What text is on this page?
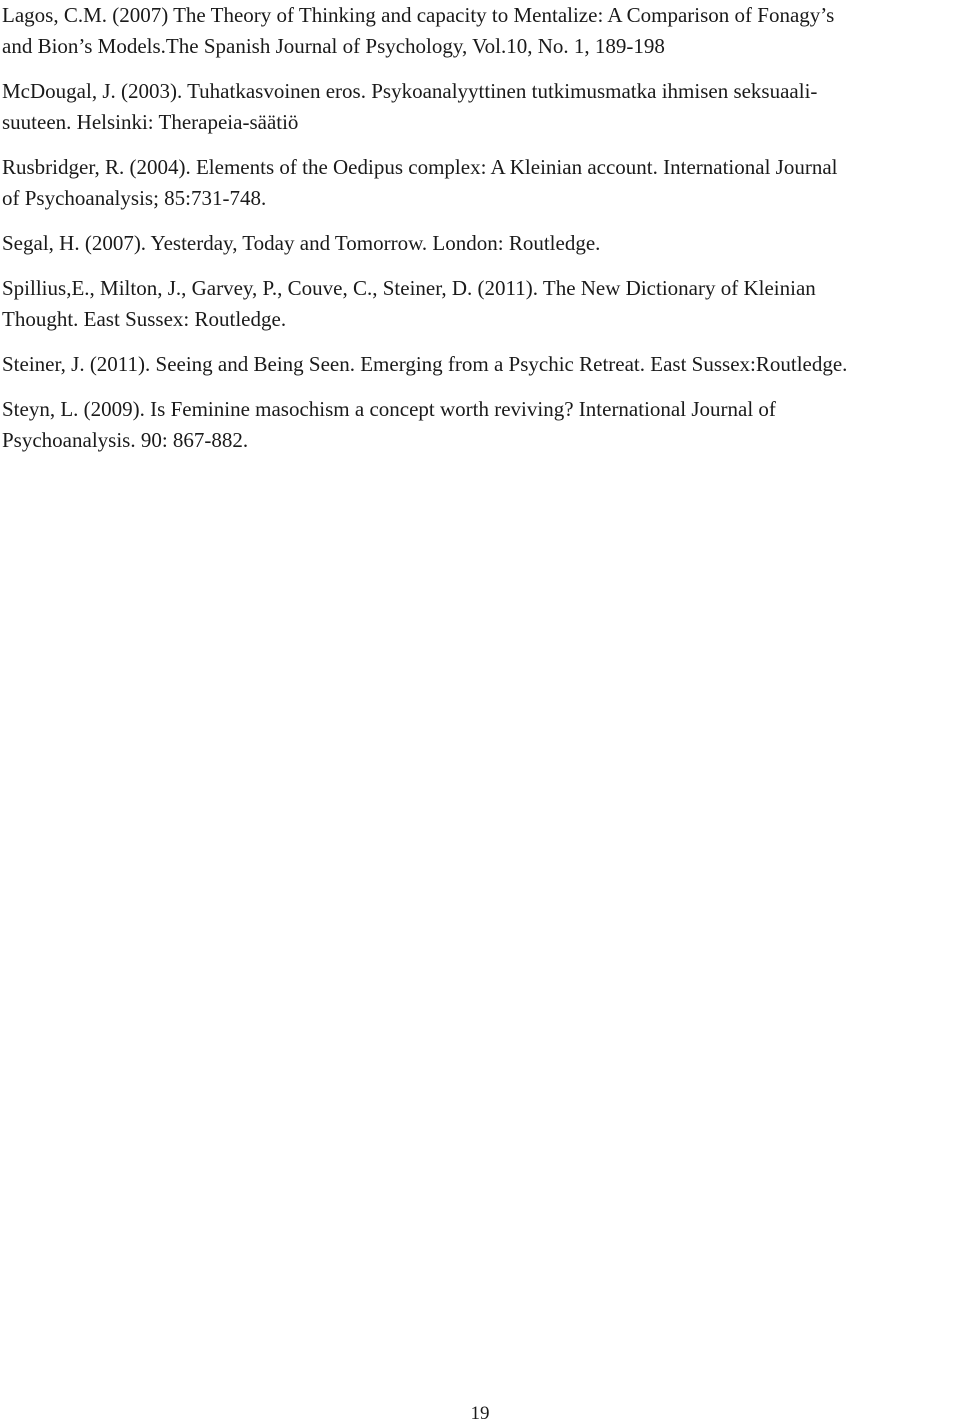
Lagos, C.M. (2007) The Theory of Thinking and capacity to Mentalize: A Comparison of Fonagy’s
and Bion’s Models.The Spanish Journal of Psychology, Vol.10, No. 1, 189-198

McDougal, J. (2003). Tuhatkasvoinen eros. Psykoanalyyttinen tutkimusmatka ihmisen seksuaali-
suuteen. Helsinki: Therapeia-säätiö

Rusbridger, R. (2004). Elements of the Oedipus complex: A Kleinian account. International Journal
of Psychoanalysis; 85:731-748.

Segal, H. (2007). Yesterday, Today and Tomorrow. London: Routledge.

Spillius,E., Milton, J., Garvey, P., Couve, C., Steiner, D. (2011). The New Dictionary of Kleinian
Thought. East Sussex: Routledge.

Steiner, J. (2011). Seeing and Being Seen. Emerging from a Psychic Retreat. East Sussex:Routledge.

Steyn, L. (2009). Is Feminine masochism a concept worth reviving? International Journal of
Psychoanalysis. 90: 867-882.

19
